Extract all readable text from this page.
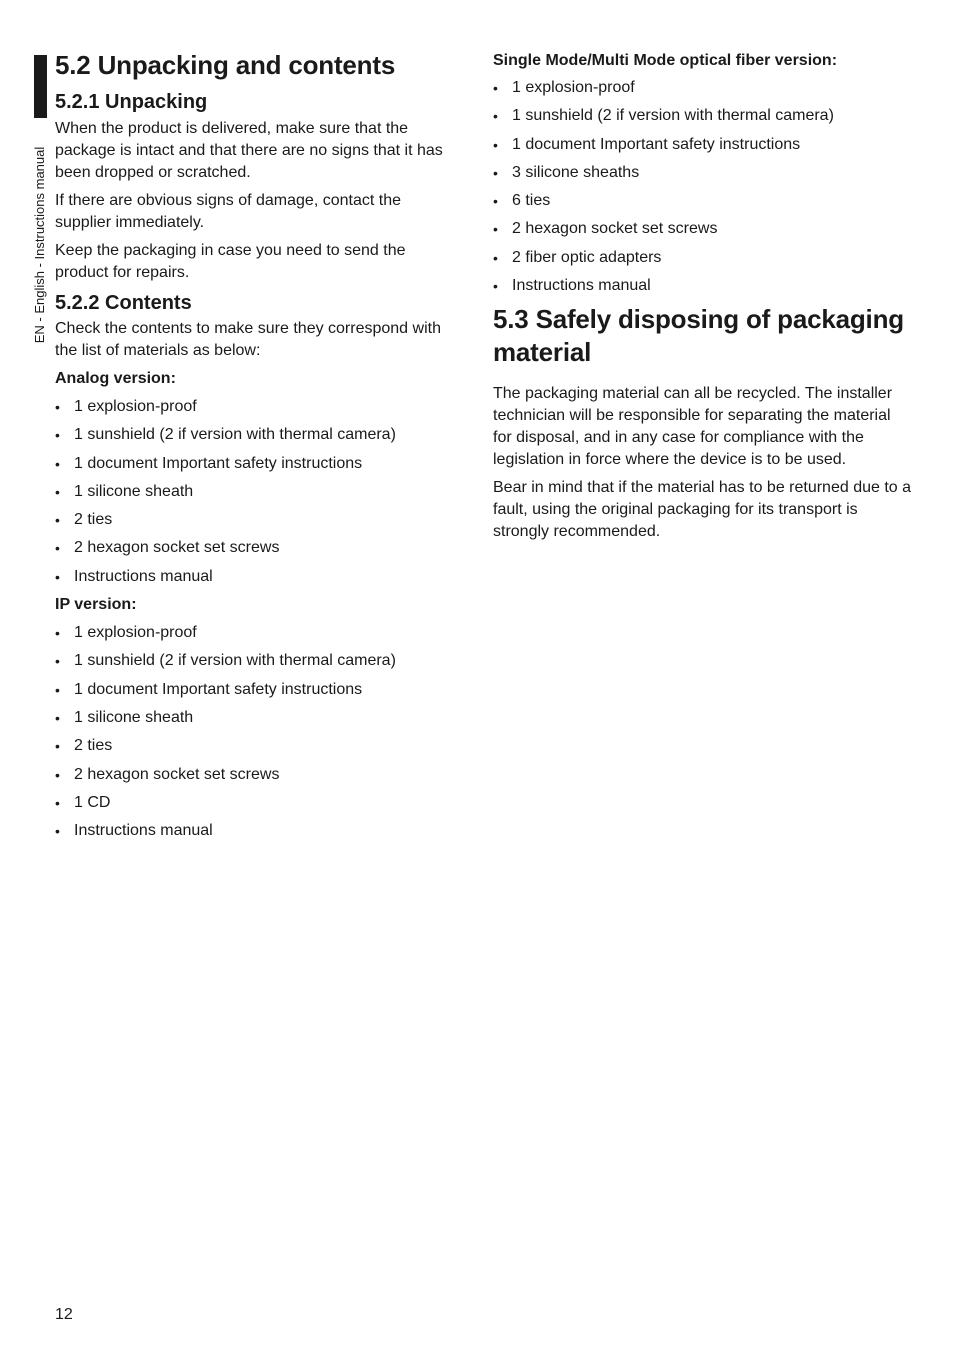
EN - English - Instructions manual
5.2 Unpacking and contents
5.2.1 Unpacking

When the product is delivered, make sure that the package is intact and that there are no signs that it has been dropped or scratched.

If there are obvious signs of damage, contact the supplier immediately.

Keep the packaging in case you need to send the product for repairs.

5.2.2 Contents

Check the contents to make sure they correspond with the list of materials as below:

Analog version:
• 1 explosion-proof
• 1 sunshield (2 if version with thermal camera)
• 1 document Important safety instructions
• 1 silicone sheath
• 2 ties
• 2 hexagon socket set screws
• Instructions manual
IP version:
• 1 explosion-proof
• 1 sunshield (2 if version with thermal camera)
• 1 document Important safety instructions
• 1 silicone sheath
• 2 ties
• 2 hexagon socket set screws
• 1 CD
• Instructions manual
Single Mode/Multi Mode optical fiber version:
• 1 explosion-proof
• 1 sunshield (2 if version with thermal camera)
• 1 document Important safety instructions
• 3 silicone sheaths
• 6 ties
• 2 hexagon socket set screws
• 2 fiber optic adapters
• Instructions manual
5.3 Safely disposing of packaging material

The packaging material can all be recycled. The installer technician will be responsible for separating the material for disposal, and in any case for compliance with the legislation in force where the device is to be used.

Bear in mind that if the material has to be returned due to a fault, using the original packaging for its transport is strongly recommended.

12
